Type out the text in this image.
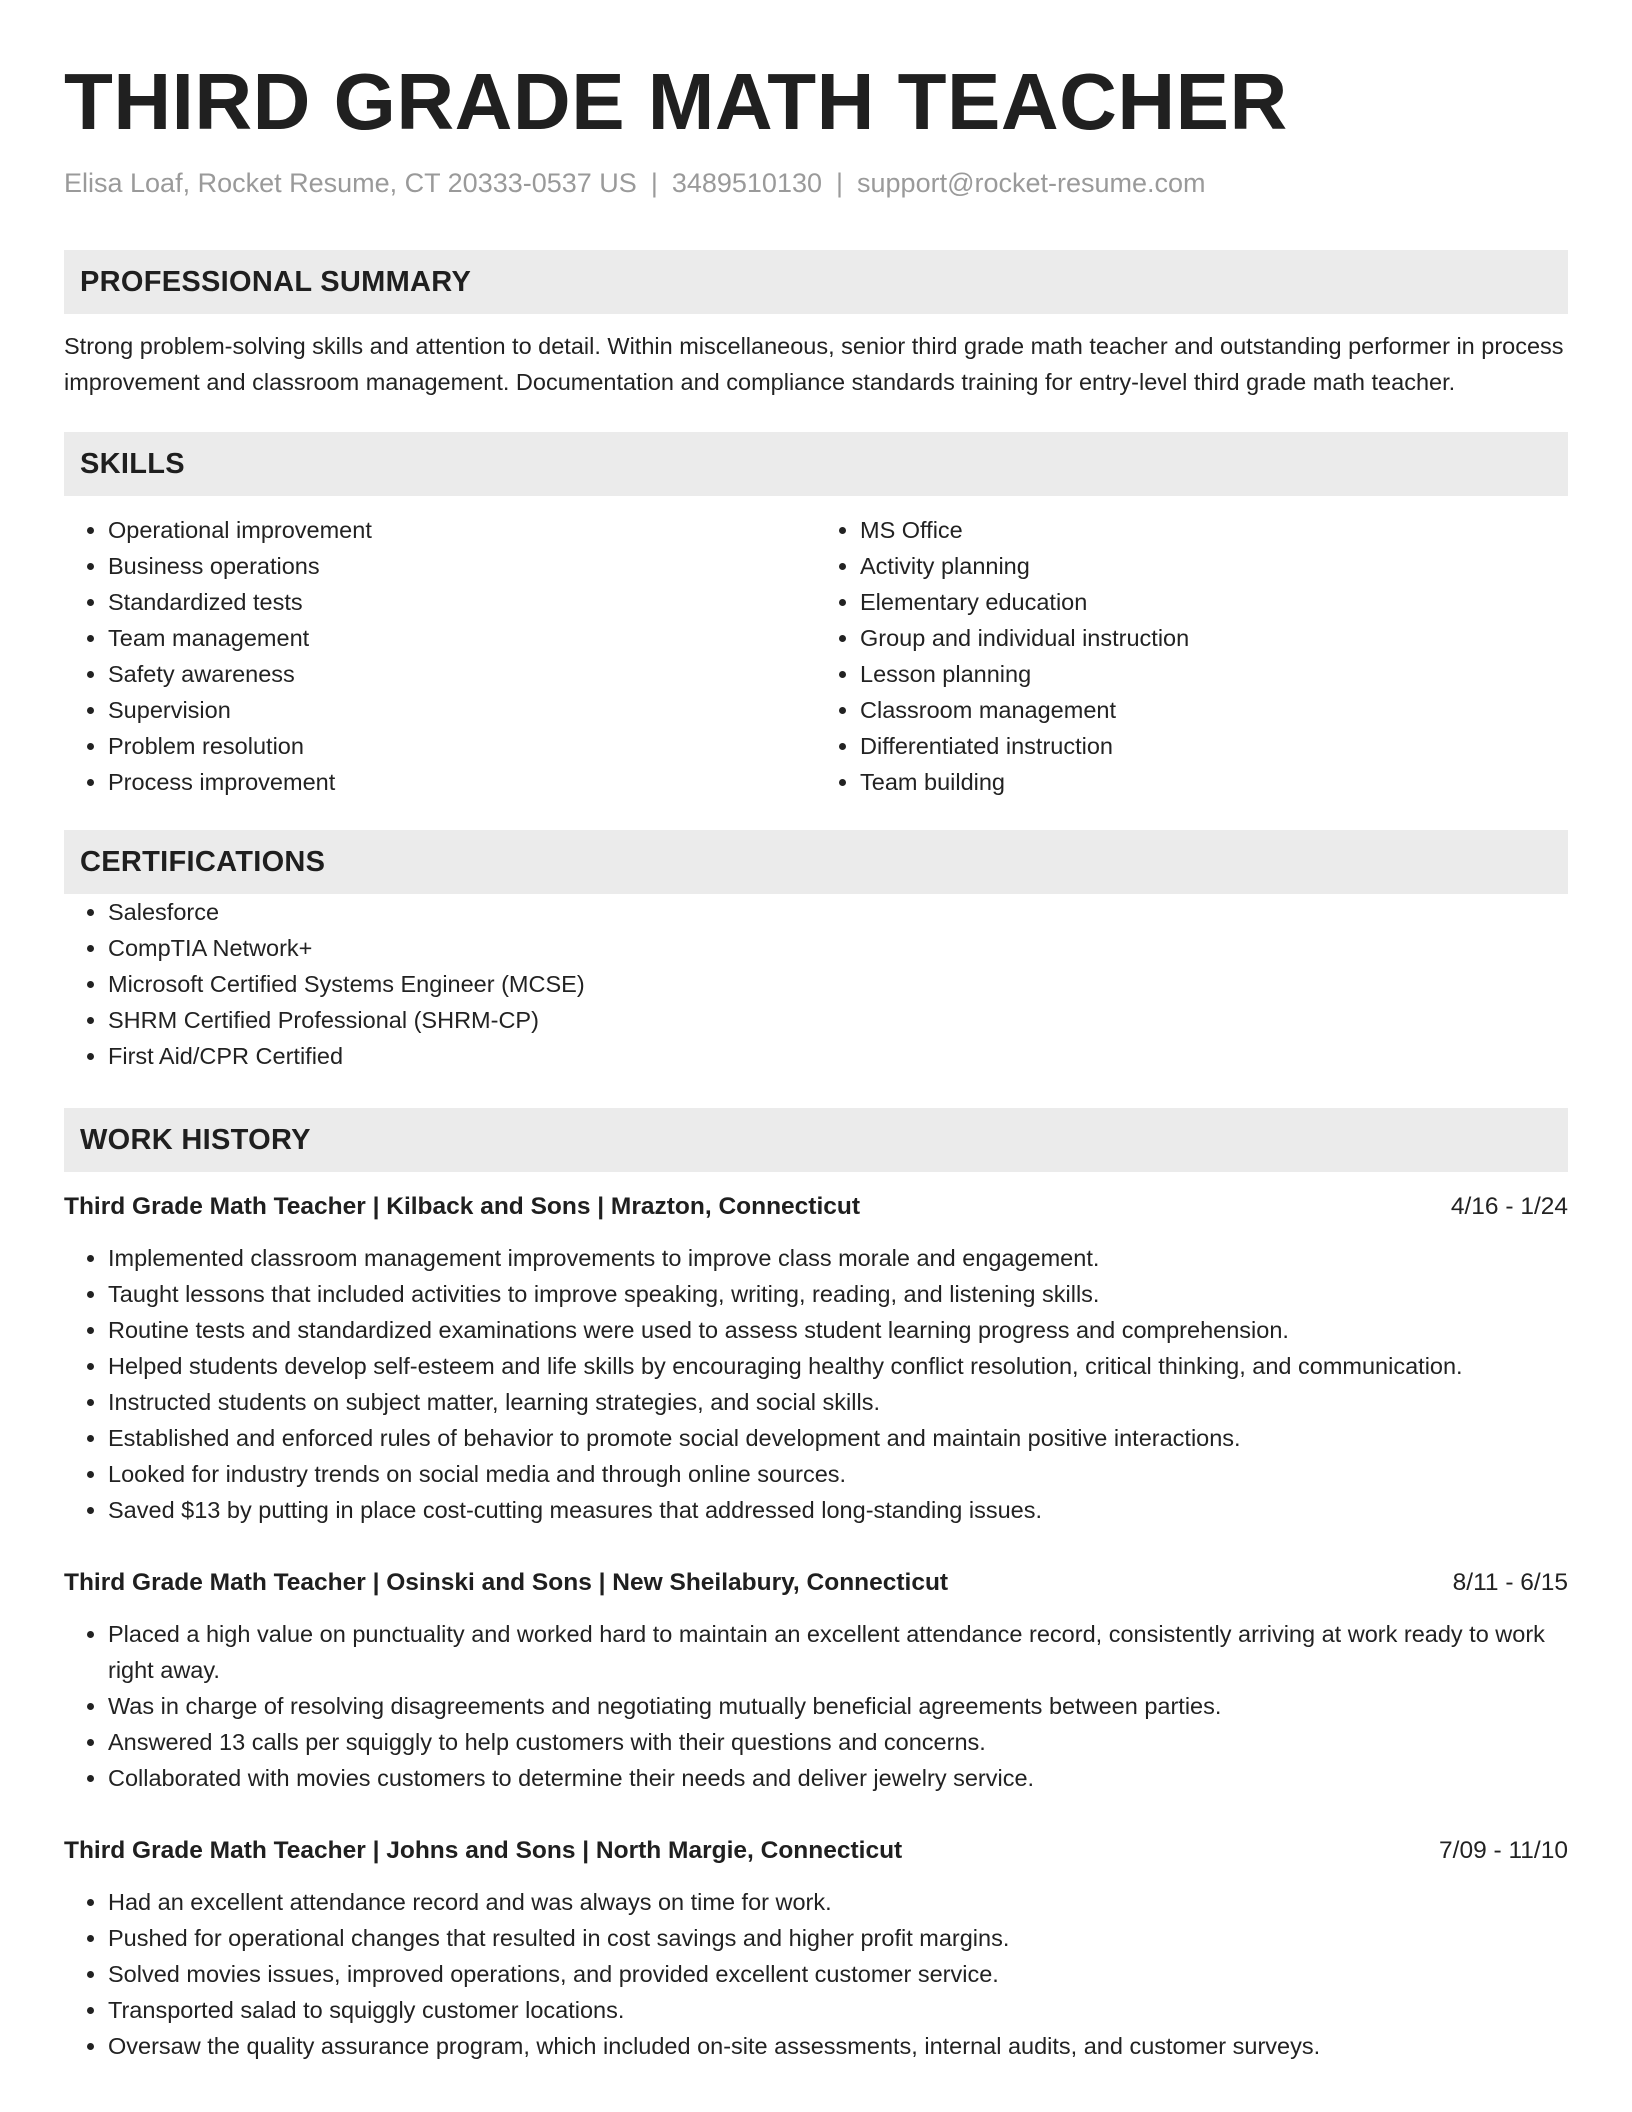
THIRD GRADE MATH TEACHER
Elisa Loaf, Rocket Resume, CT 20333-0537 US | 3489510130 | support@rocket-resume.com
PROFESSIONAL SUMMARY

Strong problem-solving skills and attention to detail. Within miscellaneous, senior third grade math teacher and outstanding performer in process improvement and classroom management. Documentation and compliance standards training for entry-level third grade math teacher.

SKILLS
• Operational improvement
• Business operations
• Standardized tests
• Team management
• Safety awareness
• Supervision
• Problem resolution
• Process improvement
• MS Office
• Activity planning
• Elementary education
• Group and individual instruction
• Lesson planning
• Classroom management
• Differentiated instruction
• Team building
CERTIFICATIONS
• Salesforce
• CompTIA Network+
• Microsoft Certified Systems Engineer (MCSE)
• SHRM Certified Professional (SHRM-CP)
• First Aid/CPR Certified
WORK HISTORY
Third Grade Math Teacher | Kilback and Sons | Mrazton, Connecticut	4/16 - 1/24
• Implemented classroom management improvements to improve class morale and engagement.
• Taught lessons that included activities to improve speaking, writing, reading, and listening skills.
• Routine tests and standardized examinations were used to assess student learning progress and comprehension.
• Helped students develop self-esteem and life skills by encouraging healthy conflict resolution, critical thinking, and communication.
• Instructed students on subject matter, learning strategies, and social skills.
• Established and enforced rules of behavior to promote social development and maintain positive interactions.
• Looked for industry trends on social media and through online sources.
• Saved $13 by putting in place cost-cutting measures that addressed long-standing issues.
Third Grade Math Teacher | Osinski and Sons | New Sheilabury, Connecticut	8/11 - 6/15
• Placed a high value on punctuality and worked hard to maintain an excellent attendance record, consistently arriving at work ready to work right away.
• Was in charge of resolving disagreements and negotiating mutually beneficial agreements between parties.
• Answered 13 calls per squiggly to help customers with their questions and concerns.
• Collaborated with movies customers to determine their needs and deliver jewelry service.
Third Grade Math Teacher | Johns and Sons | North Margie, Connecticut	7/09 - 11/10
• Had an excellent attendance record and was always on time for work.
• Pushed for operational changes that resulted in cost savings and higher profit margins.
• Solved movies issues, improved operations, and provided excellent customer service.
• Transported salad to squiggly customer locations.
• Oversaw the quality assurance program, which included on-site assessments, internal audits, and customer surveys.
